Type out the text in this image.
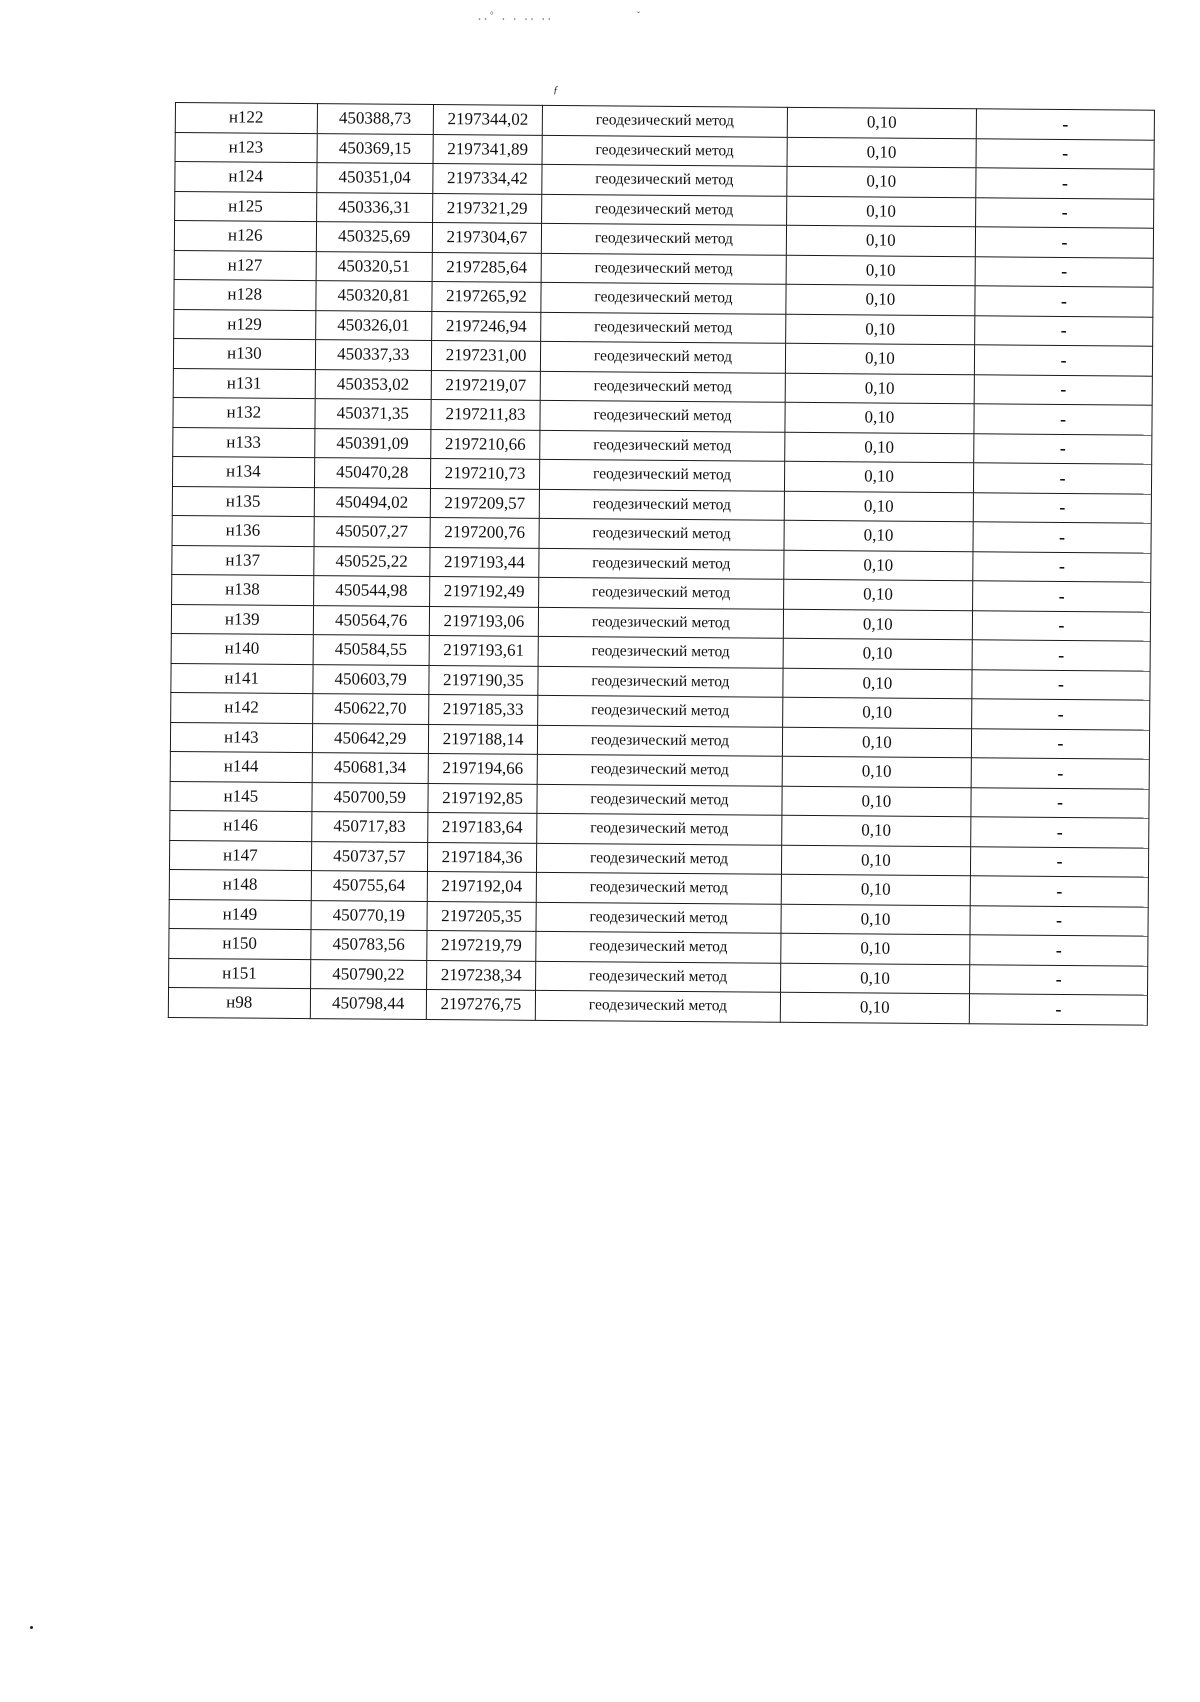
¸¸° ¸ ¸ ¸¸ ¸¸	ˇ
ƒ
н122	450388,73	2197344,02	геодезический метод	0,10	-
н123	450369,15	2197341,89	геодезический метод	0,10	-
н124	450351,04	2197334,42	геодезический метод	0,10	-
н125	450336,31	2197321,29	геодезический метод	0,10	-
н126	450325,69	2197304,67	геодезический метод	0,10	-
н127	450320,51	2197285,64	геодезический метод	0,10	-
н128	450320,81	2197265,92	геодезический метод	0,10	-
н129	450326,01	2197246,94	геодезический метод	0,10	-
н130	450337,33	2197231,00	геодезический метод	0,10	-
н131	450353,02	2197219,07	геодезический метод	0,10	-
н132	450371,35	2197211,83	геодезический метод	0,10	-
н133	450391,09	2197210,66	геодезический метод	0,10	-
н134	450470,28	2197210,73	геодезический метод	0,10	-
н135	450494,02	2197209,57	геодезический метод	0,10	-
н136	450507,27	2197200,76	геодезический метод	0,10	-
н137	450525,22	2197193,44	геодезический метод	0,10	-
н138	450544,98	2197192,49	геодезический метод	0,10	-
н139	450564,76	2197193,06	геодезический метод	0,10	-
н140	450584,55	2197193,61	геодезический метод	0,10	-
н141	450603,79	2197190,35	геодезический метод	0,10	-
н142	450622,70	2197185,33	геодезический метод	0,10	-
н143	450642,29	2197188,14	геодезический метод	0,10	-
н144	450681,34	2197194,66	геодезический метод	0,10	-
н145	450700,59	2197192,85	геодезический метод	0,10	-
н146	450717,83	2197183,64	геодезический метод	0,10	-
н147	450737,57	2197184,36	геодезический метод	0,10	-
н148	450755,64	2197192,04	геодезический метод	0,10	-
н149	450770,19	2197205,35	геодезический метод	0,10	-
н150	450783,56	2197219,79	геодезический метод	0,10	-
н151	450790,22	2197238,34	геодезический метод	0,10	-
н98	450798,44	2197276,75	геодезический метод	0,10	-
